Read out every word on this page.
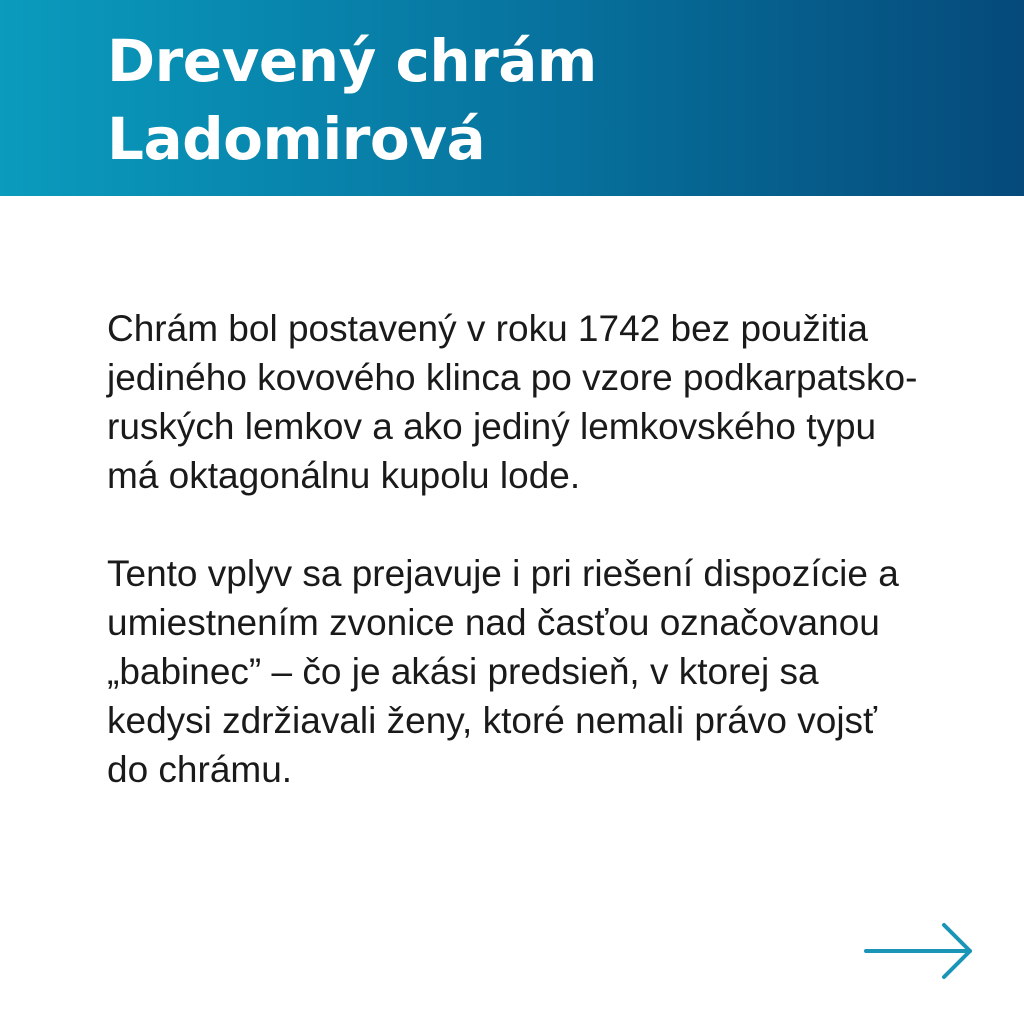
Drevený chrám
Ladomirová

Chrám bol postavený v roku 1742 bez použitia jediného kovového klinca po vzore podkarpatsko-ruských lemkov a ako jediný lemkovského typu má oktagonálnu kupolu lode.

Tento vplyv sa prejavuje i pri riešení dispozície a umiestnením zvonice nad časťou označovanou „babinec” – čo je akási predsieň, v ktorej sa kedysi zdržiavali ženy, ktoré nemali právo vojsť do chrámu.
